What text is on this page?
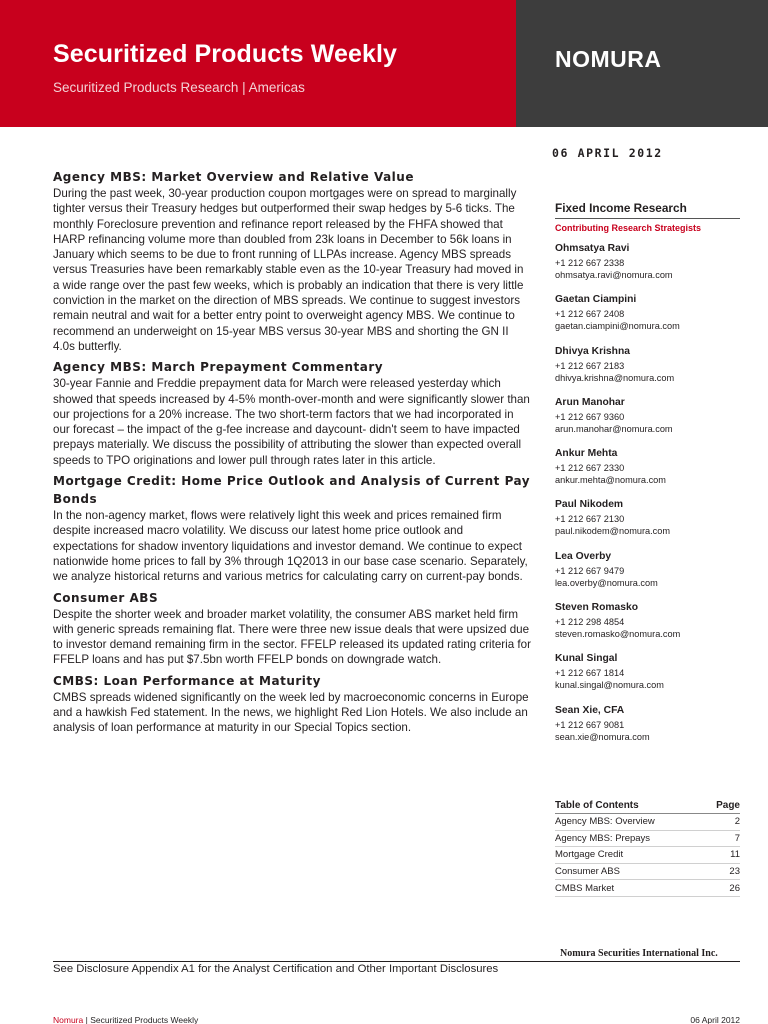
Securitized Products Weekly
Securitized Products Research | Americas
NOMURA
06 APRIL 2012
Agency MBS: Market Overview and Relative Value
During the past week, 30-year production coupon mortgages were on spread to marginally tighter versus their Treasury hedges but outperformed their swap hedges by 5-6 ticks. The monthly Foreclosure prevention and refinance report released by the FHFA showed that HARP refinancing volume more than doubled from 23k loans in December to 56k loans in January which seems to be due to front running of LLPAs increase. Agency MBS spreads versus Treasuries have been remarkably stable even as the 10-year Treasury had moved in a wide range over the past few weeks, which is probably an indication that there is very little conviction in the market on the direction of MBS spreads. We continue to suggest investors remain neutral and wait for a better entry point to overweight agency MBS. We continue to recommend an underweight on 15-year MBS versus 30-year MBS and shorting the GN II 4.0s butterfly.
Agency MBS: March Prepayment Commentary
30-year Fannie and Freddie prepayment data for March were released yesterday which showed that speeds increased by 4-5% month-over-month and were significantly slower than our projections for a 20% increase. The two short-term factors that we had incorporated in our forecast – the impact of the g-fee increase and daycount- didn't seem to have impacted prepays materially. We discuss the possibility of attributing the slower than expected overall speeds to TPO originations and lower pull through rates later in this article.
Mortgage Credit: Home Price Outlook and Analysis of Current Pay Bonds
In the non-agency market, flows were relatively light this week and prices remained firm despite increased macro volatility. We discuss our latest home price outlook and expectations for shadow inventory liquidations and investor demand. We continue to expect nationwide home prices to fall by 3% through 1Q2013 in our base case scenario. Separately, we analyze historical returns and various metrics for calculating carry on current-pay bonds.
Consumer ABS
Despite the shorter week and broader market volatility, the consumer ABS market held firm with generic spreads remaining flat. There were three new issue deals that were upsized due to investor demand remaining firm in the sector. FFELP released its updated rating criteria for FFELP loans and has put $7.5bn worth FFELP bonds on downgrade watch.
CMBS: Loan Performance at Maturity
CMBS spreads widened significantly on the week led by macroeconomic concerns in Europe and a hawkish Fed statement. In the news, we highlight Red Lion Hotels. We also include an analysis of loan performance at maturity in our Special Topics section.
Fixed Income Research
Contributing Research Strategists
Ohmsatya Ravi
+1 212 667 2338
ohmsatya.ravi@nomura.com
Gaetan Ciampini
+1 212 667 2408
gaetan.ciampini@nomura.com
Dhivya Krishna
+1 212 667 2183
dhivya.krishna@nomura.com
Arun Manohar
+1 212 667 9360
arun.manohar@nomura.com
Ankur Mehta
+1 212 667 2330
ankur.mehta@nomura.com
Paul Nikodem
+1 212 667 2130
paul.nikodem@nomura.com
Lea Overby
+1 212 667 9479
lea.overby@nomura.com
Steven Romasko
+1 212 298 4854
steven.romasko@nomura.com
Kunal Singal
+1 212 667 1814
kunal.singal@nomura.com
Sean Xie, CFA
+1 212 667 9081
sean.xie@nomura.com
Table of Contents	Page
Agency MBS: Overview	2
Agency MBS: Prepays	7
Mortgage Credit	11
Consumer ABS	23
CMBS Market	26
Nomura Securities International Inc.
See Disclosure Appendix A1 for the Analyst Certification and Other Important Disclosures
Nomura | Securitized Products Weekly	06 April 2012
